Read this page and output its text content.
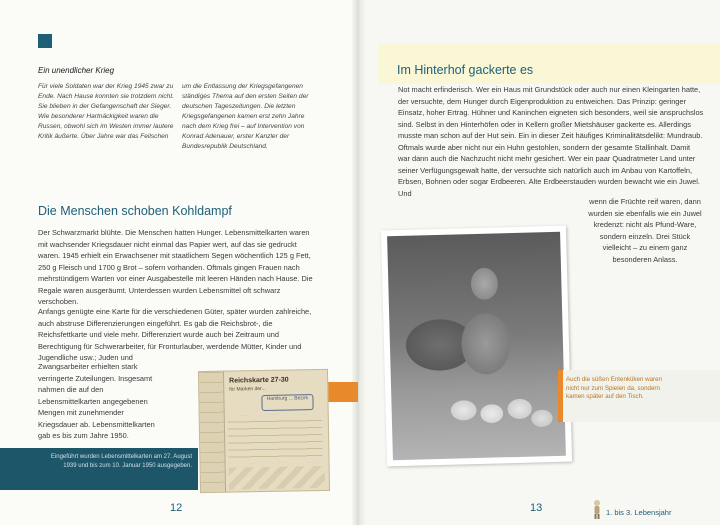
Ein unendlicher Krieg
Für viele Soldaten war der Krieg 1945 zwar zu Ende. Nach Hause konnten sie trotzdem nicht. Sie blieben in der Gefangenschaft der Sieger. Wie besonderer Hartnäckigkeit waren die Russen, obwohl sich im Westen immer lautere Kritik äußerte. Über Jahre war das Feilschen
um die Entlassung der Kriegsgefangenen ständiges Thema auf den ersten Seiten der deutschen Tageszeitungen. Die letzten Kriegsgefangenen kamen erst zehn Jahre nach dem Krieg frei – auf Intervention von Konrad Adenauer, erster Kanzler der Bundesrepublik Deutschland.
Die Menschen schoben Kohldampf
Der Schwarzmarkt blühte. Die Menschen hatten Hunger. Lebensmittelkarten waren mit wachsender Kriegsdauer nicht einmal das Papier wert, auf das sie gedruckt waren. 1945 erhielt ein Erwachsener mit staatlichem Segen wöchentlich 125 g Fett, 250 g Fleisch und 1700 g Brot – sofern vorhanden. Oftmals gingen Frauen nach mehrstündigem Warten vor einer Ausgabestelle mit leeren Händen nach Hause. Die Regale waren ausgeräumt. Unterdessen wurden Lebensmittel oft schwarz verschoben.
Anfangs genügte eine Karte für die verschiedenen Güter, später wurden zahlreiche, auch abstruse Differenzierungen eingeführt. Es gab die Reichsbrot-, die Reichsfettkarte und viele mehr. Differenziert wurde auch bei Zeitraum und Berechtigung für Schwerarbeiter, für Fronturlauber, werdende Mütter, Kinder und Jugendliche usw.; Juden und
Zwangsarbeiter erhielten stark verringerte Zuteilungen. Insgesamt nahmen die auf den Lebensmittelkarten angegebenen Mengen mit zunehmender Kriegsdauer ab. Lebensmittelkarten gab es bis zum Jahre 1950.
Eingeführt wurden Lebensmittelkarten am 27. August 1939 und bis zum 10. Januar 1950 ausgegeben.
Reichskarte 27-30
für Marken der...
Hamburg ... Bezirk
12
Im Hinterhof gackerte es
Not macht erfinderisch. Wer ein Haus mit Grundstück oder auch nur einen Kleingarten hatte, der versuchte, dem Hunger durch Eigenproduktion zu entweichen. Das Prinzip: geringer Einsatz, hoher Ertrag. Hühner und Kaninchen eigneten sich besonders, weil sie anspruchslos sind. Selbst in den Hinterhöfen oder in Kellern großer Mietshäuser gackerte es. Allerdings musste man schon auf der Hut sein. Ein in dieser Zeit häufiges Kriminalitätsdelikt: Mundraub. Oftmals wurde aber nicht nur ein Huhn gestohlen, sondern der gesamte Stallinhalt. Damit war dann auch die Nachzucht nicht mehr gesichert. Wer ein paar Quadratmeter Land unter seiner Verfügungsgewalt hatte, der versuchte sich natürlich auch im Anbau von Kartoffeln, Erbsen, Bohnen oder sogar Erdbeeren. Alte Erdbeerstauden wurden bewacht wie ein Juwel. Und
wenn die Früchte reif waren, dann wurden sie ebenfalls wie ein Juwel kredenzt: nicht als Pfund-Ware, sondern einzeln. Drei Stück vielleicht – zu einem ganz besonderen Anlass.
Auch die süßen Entenküken waren nicht nur zum Spielen da, sondern kamen später auf den Tisch.
13	1. bis 3. Lebensjahr
